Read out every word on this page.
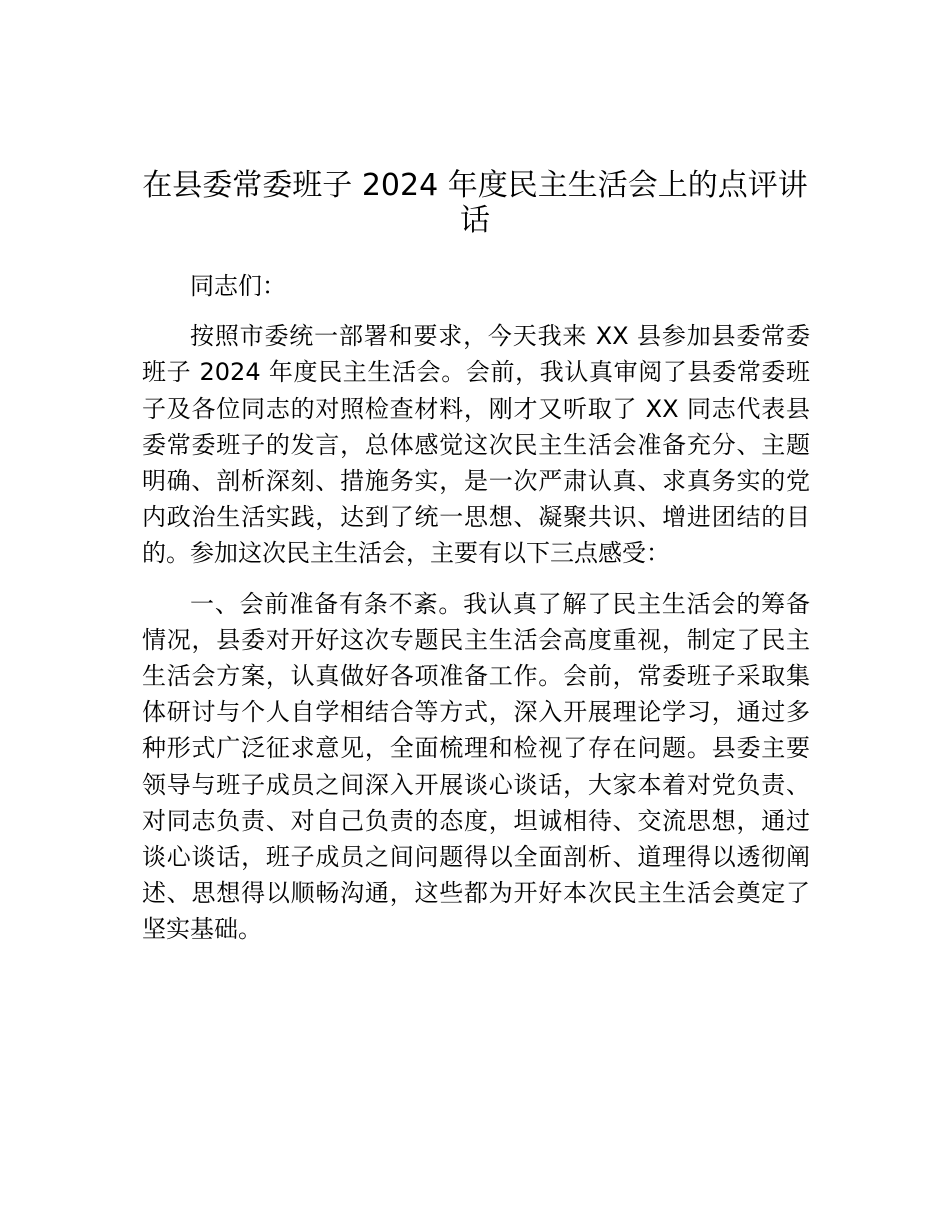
在县委常委班子 2024 年度民主生活会上的点评讲话

同志们：

按照市委统一部署和要求，今天我来 XX 县参加县委常委班子 2024 年度民主生活会。会前，我认真审阅了县委常委班子及各位同志的对照检查材料，刚才又听取了 XX 同志代表县委常委班子的发言，总体感觉这次民主生活会准备充分、主题明确、剖析深刻、措施务实，是一次严肃认真、求真务实的党内政治生活实践，达到了统一思想、凝聚共识、增进团结的目的。参加这次民主生活会，主要有以下三点感受：

一、会前准备有条不紊。我认真了解了民主生活会的筹备情况，县委对开好这次专题民主生活会高度重视，制定了民主生活会方案，认真做好各项准备工作。会前，常委班子采取集体研讨与个人自学相结合等方式，深入开展理论学习，通过多种形式广泛征求意见，全面梳理和检视了存在问题。县委主要领导与班子成员之间深入开展谈心谈话，大家本着对党负责、对同志负责、对自己负责的态度，坦诚相待、交流思想，通过谈心谈话，班子成员之间问题得以全面剖析、道理得以透彻阐述、思想得以顺畅沟通，这些都为开好本次民主生活会奠定了坚实基础。
